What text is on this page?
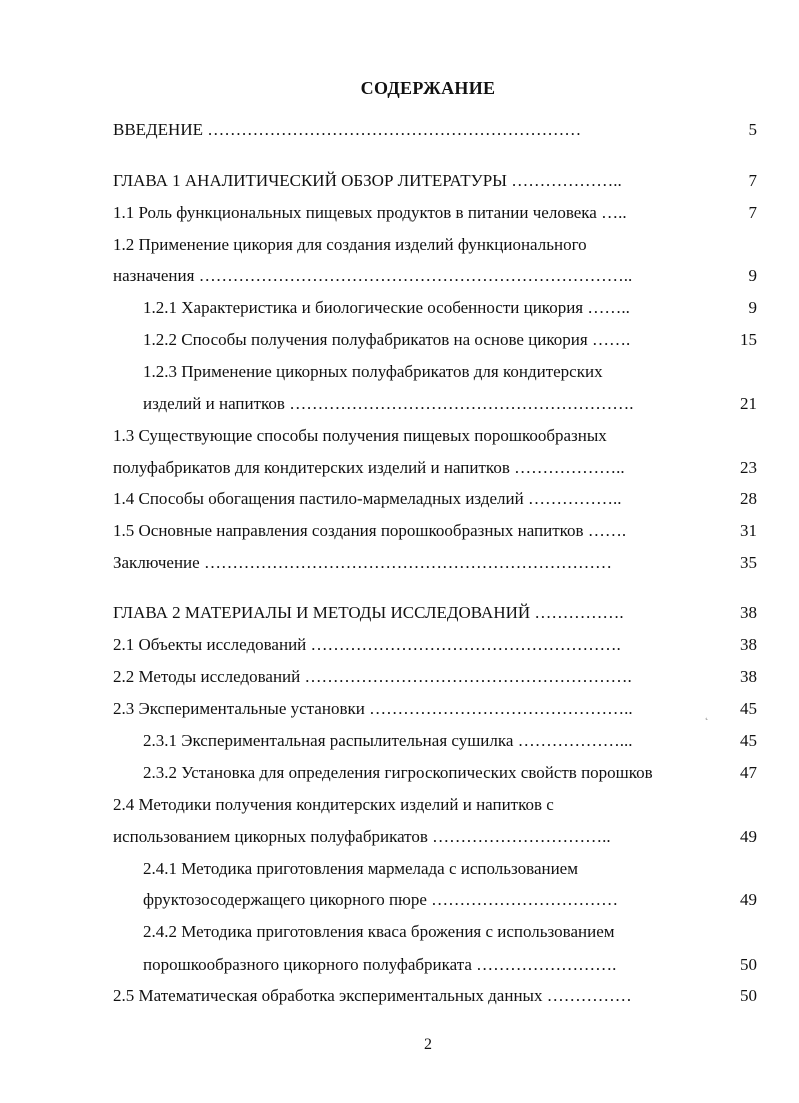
СОДЕРЖАНИЕ
ВВЕДЕНИЕ …………………………………………………………	5
ГЛАВА 1 АНАЛИТИЧЕСКИЙ ОБЗОР ЛИТЕРАТУРЫ ………………..	7
1.1 Роль функциональных пищевых продуктов в питании человека …..	7
1.2 Применение цикория для создания изделий функционального
назначения …………………………………………………………………..	9
1.2.1 Характеристика и биологические особенности цикория ……..	9
1.2.2 Способы получения полуфабрикатов на основе цикория …….	15
1.2.3 Применение цикорных полуфабрикатов для кондитерских
изделий и напитков …………………………………………………….	21
1.3 Существующие способы получения пищевых порошкообразных
полуфабрикатов для кондитерских изделий и напитков ………………..	23
1.4 Способы обогащения пастило-мармеладных изделий ……………..	28
1.5 Основные направления создания порошкообразных напитков …….	31
Заключение ………………………………………………………………	35
ГЛАВА 2 МАТЕРИАЛЫ И МЕТОДЫ ИССЛЕДОВАНИЙ …………….	38
2.1 Объекты исследований ……………………………………………….	38
2.2 Методы исследований ………………………………………………….	38
2.3 Экспериментальные установки ………………………………………..	45
˛
2.3.1 Экспериментальная распылительная сушилка ………………...	45
2.3.2 Установка для определения гигроскопических свойств порошков	47
2.4 Методики получения кондитерских изделий и напитков с
использованием цикорных полуфабрикатов …………………………..	49
2.4.1 Методика приготовления мармелада с использованием
фруктозосодержащего цикорного пюре ……………………………	49
2.4.2 Методика приготовления кваса брожения с использованием
порошкообразного цикорного полуфабриката …………………….	50
2.5 Математическая обработка экспериментальных данных ……………	50
2
